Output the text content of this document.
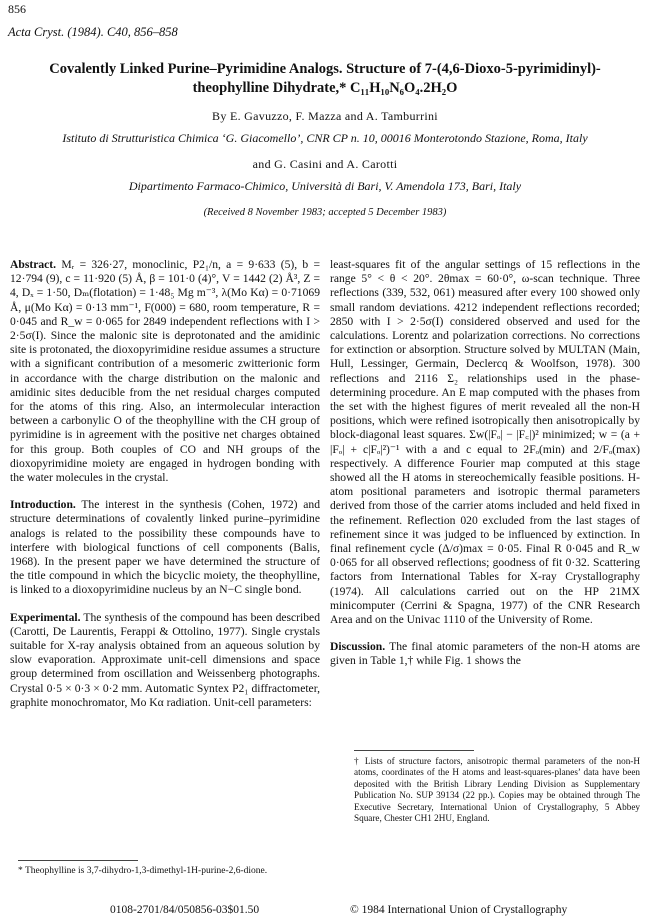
856
Acta Cryst. (1984). C40, 856–858
Covalently Linked Purine–Pyrimidine Analogs. Structure of 7-(4,6-Dioxo-5-pyrimidinyl)-
theophylline Dihydrate,* C₁₁H₁₀N₆O₄.2H₂O
By E. Gavuzzo, F. Mazza and A. Tamburrini
Istituto di Strutturistica Chimica ‘G. Giacomello’, CNR CP n. 10, 00016 Monterotondo Stazione, Roma, Italy
and G. Casini and A. Carotti
Dipartimento Farmaco-Chimico, Università di Bari, V. Amendola 173, Bari, Italy
(Received 8 November 1983; accepted 5 December 1983)

Abstract. Mᵣ = 326·27, monoclinic, P2₁/n, a = 9·633 (5), b = 12·794 (9), c = 11·920 (5) Å, β = 101·0 (4)°, V = 1442 (2) Å³, Z = 4, Dₓ = 1·50, Dₘ(flotation) = 1·48₅ Mg m⁻³, λ(Mo Kα) = 0·71069 Å, μ(Mo Kα) = 0·13 mm⁻¹, F(000) = 680, room temperature, R = 0·045 and R_w = 0·065 for 2849 independent reflections with I > 2·5σ(I). Since the malonic site is deprotonated and the amidinic site is protonated, the dioxopyrimidine residue assumes a structure with a significant contribution of a mesomeric zwitterionic form in accordance with the charge distribution on the malonic and amidinic sites deducible from the net residual charges computed for the atoms of this ring. Also, an intermolecular interaction between a carbonylic O of the theophylline with the CH group of pyrimidine is in agreement with the positive net charges obtained for this group. Both couples of CO and NH groups of the dioxopyrimidine moiety are engaged in hydrogen bonding with the water molecules in the crystal.

Introduction. The interest in the synthesis (Cohen, 1972) and structure determinations of covalently linked purine–pyrimidine analogs is related to the possibility these compounds have to interfere with biological functions of cell components (Balis, 1968). In the present paper we have determined the structure of the title compound in which the bicyclic moiety, the theophylline, is linked to a dioxopyrimidine nucleus by an N−C single bond.

Experimental. The synthesis of the compound has been described (Carotti, De Laurentis, Ferappi & Ottolino, 1977). Single crystals suitable for X-ray analysis obtained from an aqueous solution by slow evaporation. Approximate unit-cell dimensions and space group determined from oscillation and Weissenberg photographs. Crystal 0·5 × 0·3 × 0·2 mm. Automatic Syntex P2₁ diffractometer, graphite monochromator, Mo Kα radiation. Unit-cell parameters:

least-squares fit of the angular settings of 15 reflections in the range 5° < θ < 20°. 2θmax = 60·0°, ω-scan technique. Three reflections (339, 532, 061) measured after every 100 showed only small random deviations. 4212 independent reflections recorded; 2850 with I > 2·5σ(I) considered observed and used for the calculations. Lorentz and polarization corrections. No corrections for extinction or absorption. Structure solved by MULTAN (Main, Hull, Lessinger, Germain, Declercq & Woolfson, 1978). 300 reflections and 2116 Σ₂ relationships used in the phase-determining procedure. An E map computed with the phases from the set with the highest figures of merit revealed all the non-H positions, which were refined isotropically then anisotropically by block-diagonal least squares. Σw(|Fₒ| − |F꜀|)² minimized; w = (a + |Fₒ| + c|Fₒ|²)⁻¹ with a and c equal to 2Fₒ(min) and 2/Fₒ(max) respectively. A difference Fourier map computed at this stage showed all the H atoms in stereochemically feasible positions. H-atom positional parameters and isotropic thermal parameters derived from those of the carrier atoms included and held fixed in the refinement. Reflection 020 excluded from the last stages of refinement since it was judged to be influenced by extinction. In final refinement cycle (Δ/σ)max = 0·05. Final R 0·045 and R_w 0·065 for all observed reflections; goodness of fit 0·32. Scattering factors from International Tables for X-ray Crystallography (1974). All calculations carried out on the HP 21MX minicomputer (Cerrini & Spagna, 1977) of the CNR Research Area and on the Univac 1110 of the University of Rome.

Discussion. The final atomic parameters of the non-H atoms are given in Table 1,† while Fig. 1 shows the

† Lists of structure factors, anisotropic thermal parameters of the non-H atoms, coordinates of the H atoms and least-squares-planes’ data have been deposited with the British Library Lending Division as Supplementary Publication No. SUP 39134 (22 pp.). Copies may be obtained through The Executive Secretary, International Union of Crystallography, 5 Abbey Square, Chester CH1 2HU, England.
* Theophylline is 3,7-dihydro-1,3-dimethyl-1H-purine-2,6-dione.
0108-2701/84/050856-03$01.50	© 1984 International Union of Crystallography
